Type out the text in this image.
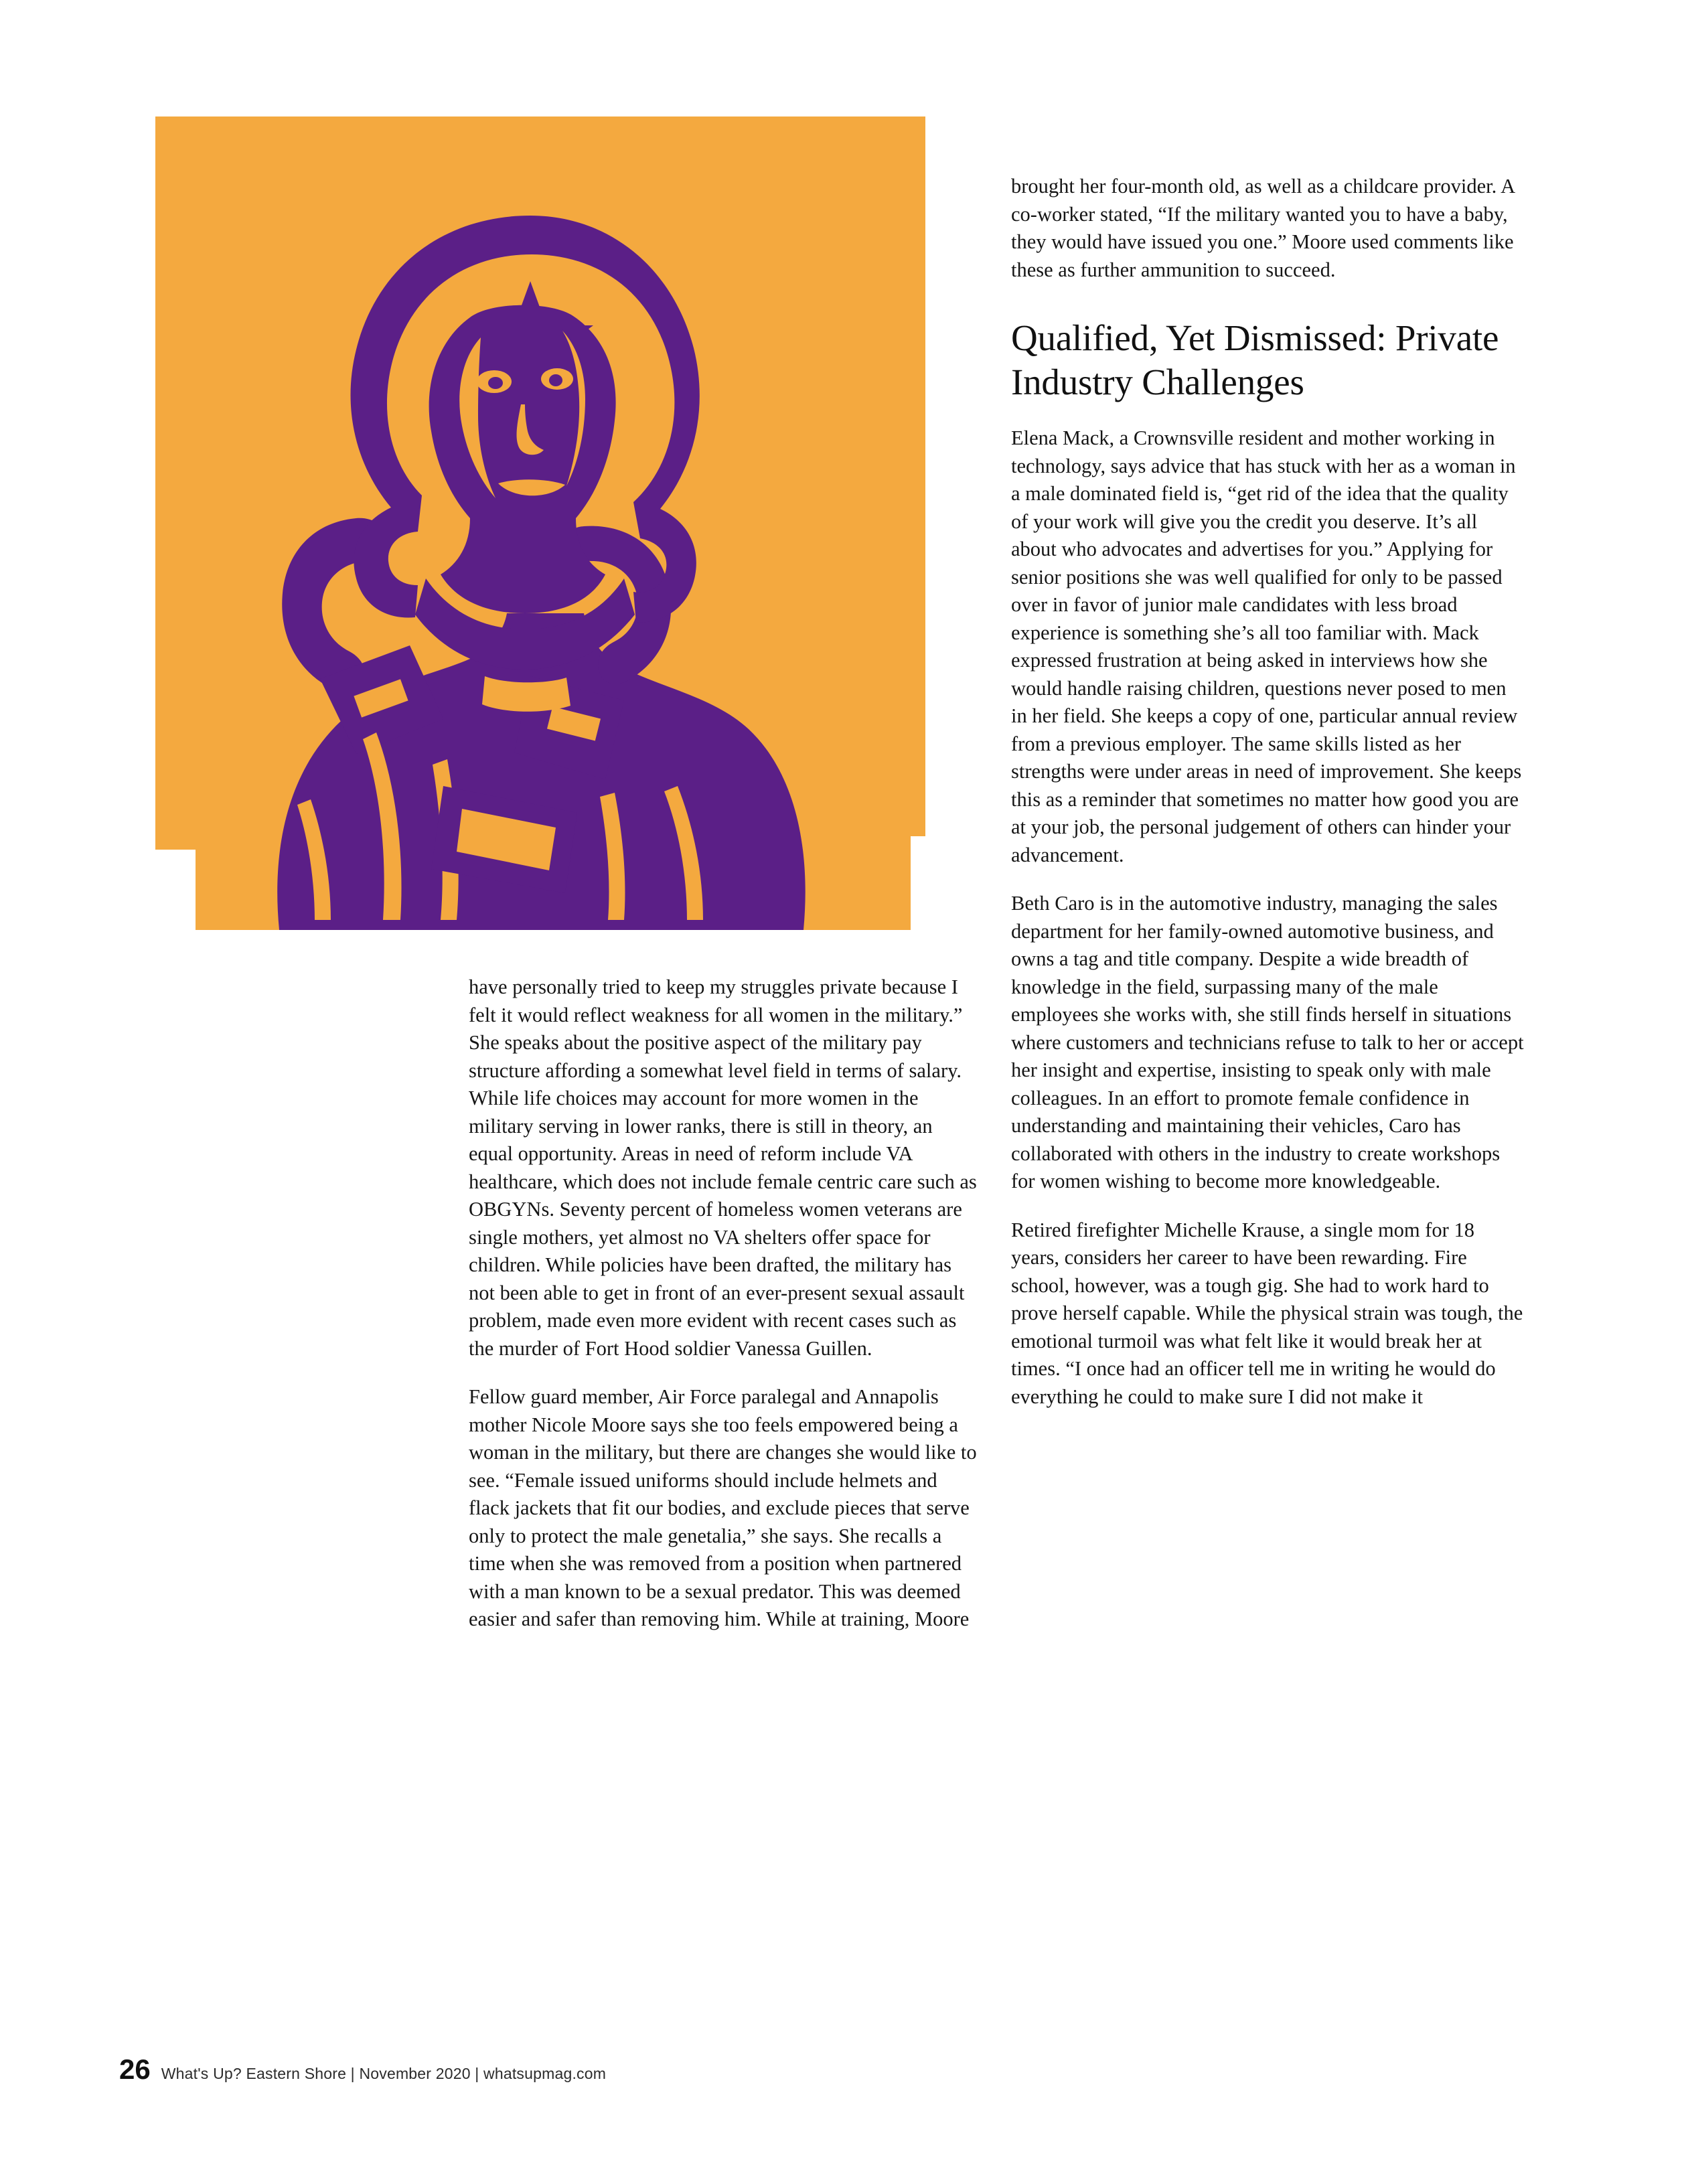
have personally tried to keep my struggles private because I felt it would reflect weakness for all women in the military.” She speaks about the positive aspect of the military pay structure affording a somewhat level field in terms of salary. While life choices may account for more women in the military serving in lower ranks, there is still in theory, an equal opportunity. Areas in need of reform include VA healthcare, which does not include female centric care such as OBGYNs. Seventy percent of homeless women veterans are single mothers, yet almost no VA shelters offer space for children. While policies have been drafted, the military has not been able to get in front of an ever-present sexual assault problem, made even more evident with recent cases such as the murder of Fort Hood soldier Vanessa Guillen.

Fellow guard member, Air Force paralegal and Annapolis mother Nicole Moore says she too feels empowered being a woman in the military, but there are changes she would like to see. “Female issued uniforms should include helmets and flack jackets that fit our bodies, and exclude pieces that serve only to protect the male genetalia,” she says. She recalls a time when she was removed from a position when partnered with a man known to be a sexual predator. This was deemed easier and safer than removing him. While at training, Moore

brought her four-month old, as well as a childcare provider. A co-worker stated, “If the military wanted you to have a baby, they would have issued you one.” Moore used comments like these as further ammunition to succeed.

Qualified, Yet Dismissed: Private Industry Challenges

Elena Mack, a Crownsville resident and mother working in technology, says advice that has stuck with her as a woman in a male dominated field is, “get rid of the idea that the quality of your work will give you the credit you deserve. It’s all about who advocates and advertises for you.” Applying for senior positions she was well qualified for only to be passed over in favor of junior male candidates with less broad experience is something she’s all too familiar with. Mack expressed frustration at being asked in interviews how she would handle raising children, questions never posed to men in her field. She keeps a copy of one, particular annual review from a previous employer. The same skills listed as her strengths were under areas in need of improvement. She keeps this as a reminder that sometimes no matter how good you are at your job, the personal judgement of others can hinder your advancement.

Beth Caro is in the automotive industry, managing the sales department for her family-owned automotive business, and owns a tag and title company. Despite a wide breadth of knowledge in the field, surpassing many of the male employees she works with, she still finds herself in situations where customers and technicians refuse to talk to her or accept her insight and expertise, insisting to speak only with male colleagues. In an effort to promote female confidence in understanding and maintaining their vehicles, Caro has collaborated with others in the industry to create workshops for women wishing to become more knowledgeable.

Retired firefighter Michelle Krause, a single mom for 18 years, considers her career to have been rewarding. Fire school, however, was a tough gig. She had to work hard to prove herself capable. While the physical strain was tough, the emotional turmoil was what felt like it would break her at times. “I once had an officer tell me in writing he would do everything he could to make sure I did not make it

26 What's Up? Eastern Shore | November 2020 | whatsupmag.com
